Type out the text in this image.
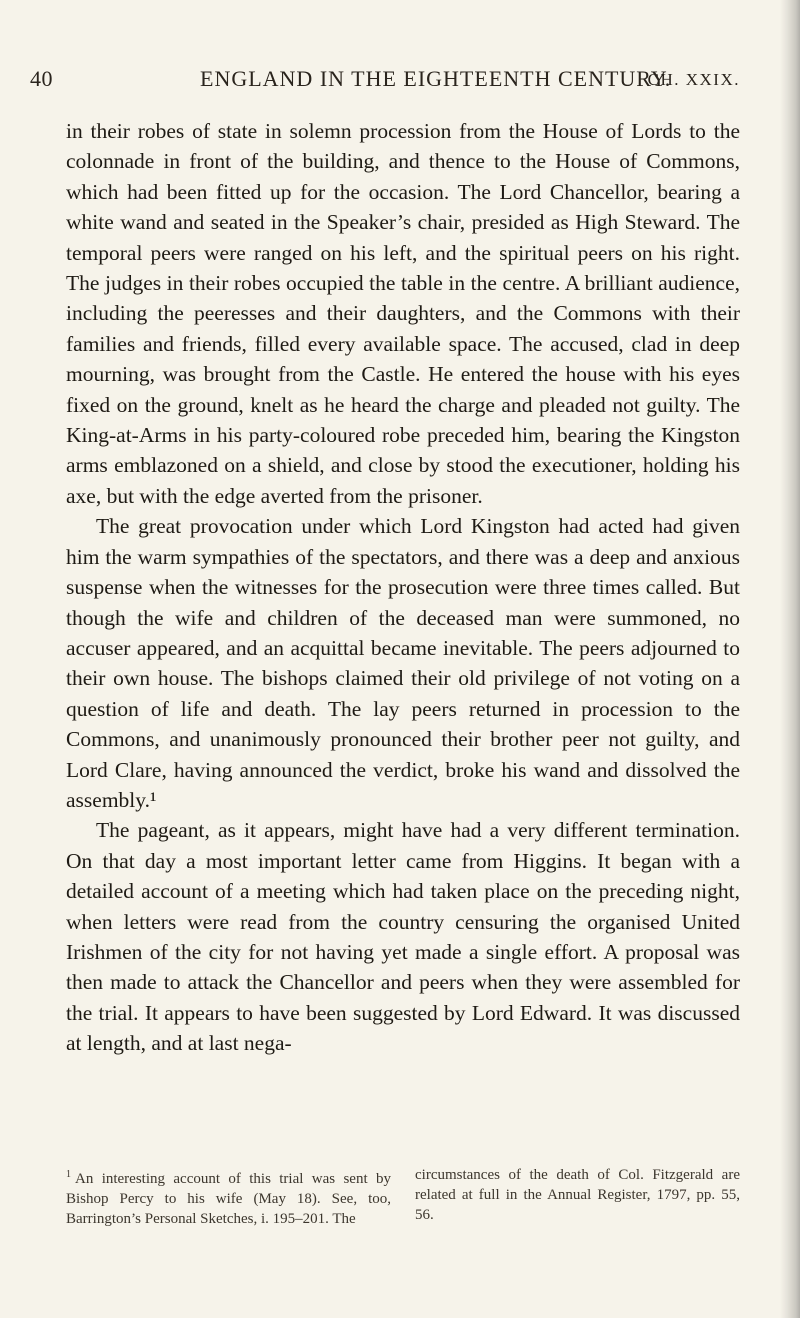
40	ENGLAND IN THE EIGHTEENTH CENTURY.
CH. XXIX.

in their robes of state in solemn procession from the House of Lords to the colonnade in front of the building, and thence to the House of Commons, which had been fitted up for the occasion. The Lord Chancellor, bearing a white wand and seated in the Speaker’s chair, presided as High Steward. The temporal peers were ranged on his left, and the spiritual peers on his right. The judges in their robes occupied the table in the centre. A brilliant audience, including the peeresses and their daughters, and the Commons with their families and friends, filled every available space. The accused, clad in deep mourning, was brought from the Castle. He entered the house with his eyes fixed on the ground, knelt as he heard the charge and pleaded not guilty. The King-at-Arms in his party-coloured robe preceded him, bearing the Kingston arms emblazoned on a shield, and close by stood the executioner, holding his axe, but with the edge averted from the prisoner.

The great provocation under which Lord Kingston had acted had given him the warm sympathies of the spectators, and there was a deep and anxious suspense when the witnesses for the prosecution were three times called. But though the wife and children of the deceased man were summoned, no accuser appeared, and an acquittal became inevitable. The peers adjourned to their own house. The bishops claimed their old privilege of not voting on a question of life and death. The lay peers returned in procession to the Commons, and unanimously pronounced their brother peer not guilty, and Lord Clare, having announced the verdict, broke his wand and dissolved the assembly.¹

The pageant, as it appears, might have had a very different termination. On that day a most important letter came from Higgins. It began with a detailed account of a meeting which had taken place on the preceding night, when letters were read from the country censuring the organised United Irishmen of the city for not having yet made a single effort. A proposal was then made to attack the Chancellor and peers when they were assembled for the trial. It appears to have been suggested by Lord Edward. It was discussed at length, and at last nega-

$^1$ An interesting account of this trial was sent by Bishop Percy to his wife (May 18). See, too, Barrington’s Personal Sketches, i. 195–201. The
circumstances of the death of Col. Fitzgerald are related at full in the Annual Register, 1797, pp. 55, 56.
